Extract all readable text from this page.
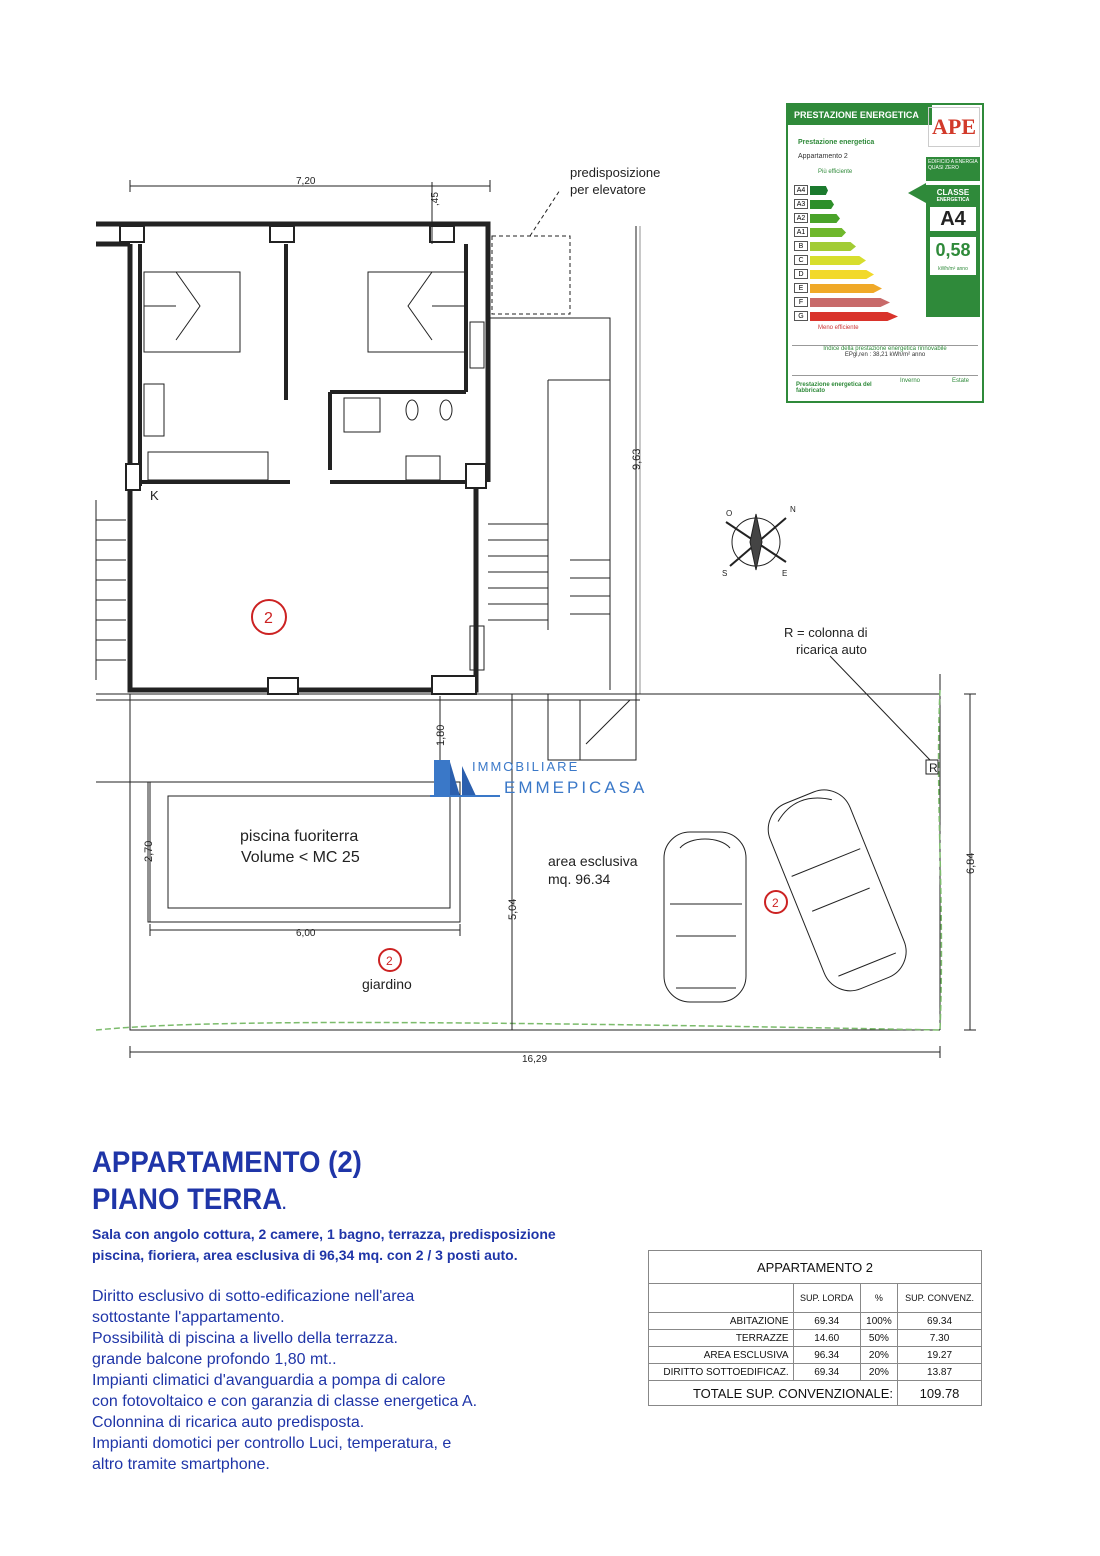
7,20
,45
9,63
1,80
2,70
6,00
5,04
16,29
6,84
predisposizione
per elevatore
K
R = colonna di
ricarica auto
R
piscina fuoriterra
Volume < MC 25	area esclusiva
mq. 96.34
giardino
N
E
S
O
2
2
2
IMMOBILIARE
EMMEPICASA
PRESTAZIONE ENERGETICA APE
Prestazione energetica
Appartamento 2
Più efficiente
A4
A3
A2
A1
B
C
D
E
F
G
Meno efficiente
EDIFICIO A ENERGIA QUASI ZERO
CLASSE
ENERGETICA
A4
0,58
kWh/m² anno
Indice della prestazione energetica rinnovabile
EPgl,ren : 38,21 kWh/m² anno
Prestazione energetica del fabbricato
Inverno	Estate
APPARTAMENTO (2)
PIANO TERRA.
Sala con angolo cottura, 2 camere, 1 bagno, terrazza, predisposizione piscina, fioriera, area esclusiva di 96,34 mq. con 2 / 3 posti auto.
Diritto esclusivo di sotto-edificazione nell'area
sottostante l'appartamento.
Possibilità di piscina a livello della terrazza.
grande balcone profondo 1,80 mt..
Impianti climatici d'avanguardia a pompa di calore
con fotovoltaico e con garanzia di classe energetica A.
Colonnina di ricarica auto predisposta.
Impianti domotici per controllo Luci, temperatura, e
altro tramite smartphone.
APPARTAMENTO 2			
	SUP. LORDA	%	SUP. CONVENZ.
ABITAZIONE	69.34	100%	69.34
TERRAZZE	14.60	50%	7.30
AREA ESCLUSIVA	96.34	20%	19.27
DIRITTO SOTTOEDIFICAZ.	69.34	20%	13.87
TOTALE SUP. CONVENZIONALE:			109.78
